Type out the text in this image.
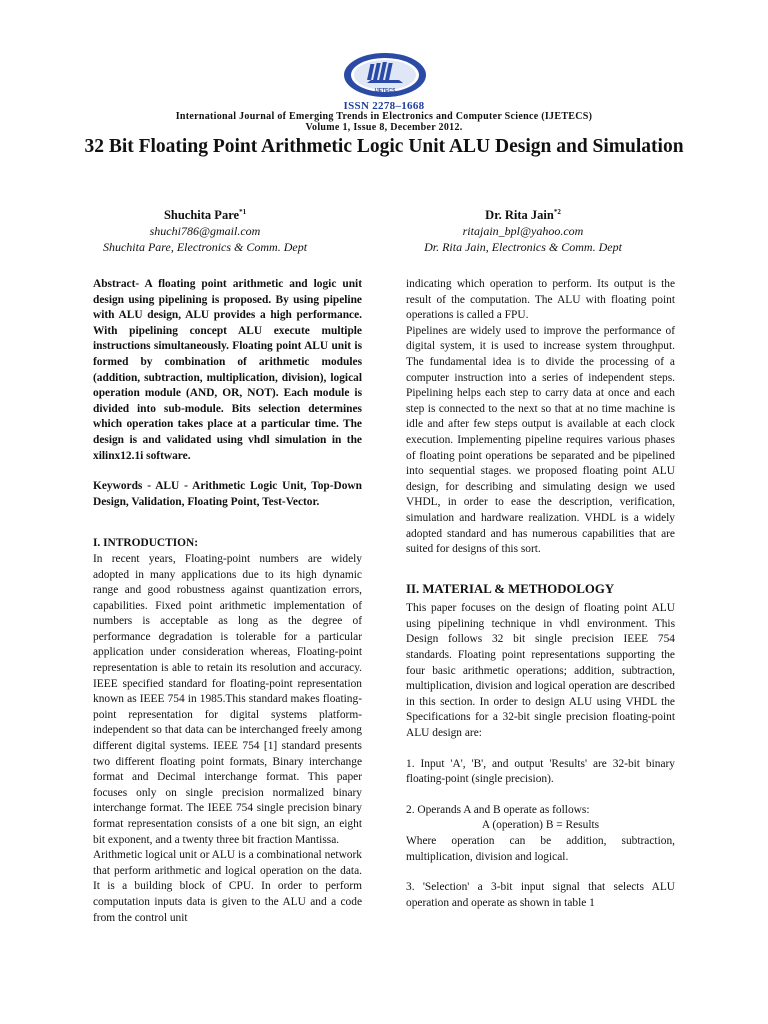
IJETECS
ISSN 2278–1668
International Journal of Emerging Trends in Electronics and Computer Science (IJETECS)
Volume 1, Issue 8, December 2012.
32 Bit Floating Point Arithmetic Logic Unit ALU Design and Simulation
Shuchita Pare$^{*1}$
shuchi786@gmail.com
Shuchita Pare, Electronics & Comm. Dept
Dr. Rita Jain$^{*2}$
ritajain_bpl@yahoo.com
Dr. Rita Jain, Electronics & Comm. Dept

Abstract- A floating point arithmetic and logic unit design using pipelining is proposed. By using pipeline with ALU design, ALU provides a high performance. With pipelining concept ALU execute multiple instructions simultaneously. Floating point ALU unit is formed by combination of arithmetic modules (addition, subtraction, multiplication, division), logical operation module (AND, OR, NOT). Each module is divided into sub-module. Bits selection determines which operation takes place at a particular time. The design is and validated using vhdl simulation in the xilinx12.1i software.

Keywords - ALU - Arithmetic Logic Unit, Top-Down Design, Validation, Floating Point, Test-Vector.

I. INTRODUCTION:

In recent years, Floating-point numbers are widely adopted in many applications due to its high dynamic range and good robustness against quantization errors, capabilities. Fixed point arithmetic implementation of numbers is acceptable as long as the degree of performance degradation is tolerable for a particular application under consideration whereas, Floating-point representation is able to retain its resolution and accuracy. IEEE specified standard for floating-point representation known as IEEE 754 in 1985.This standard makes floating-point representation for digital systems platform-independent so that data can be interchanged freely among different digital systems. IEEE 754 [1] standard presents two different floating point formats, Binary interchange format and Decimal interchange format. This paper focuses only on single precision normalized binary interchange format. The IEEE 754 single precision binary format representation consists of a one bit sign, an eight bit exponent, and a twenty three bit fraction Mantissa.

Arithmetic logical unit or ALU is a combinational network that perform arithmetic and logical operation on the data. It is a building block of CPU. In order to perform computation inputs data is given to the ALU and a code from the control unit

indicating which operation to perform. Its output is the result of the computation. The ALU with floating point operations is called a FPU.

Pipelines are widely used to improve the performance of digital system, it is used to increase system throughput. The fundamental idea is to divide the processing of a computer instruction into a series of independent steps. Pipelining helps each step to carry data at once and each step is connected to the next so that at no time machine is idle and after few steps output is available at each clock execution. Implementing pipeline requires various phases of floating point operations be separated and be pipelined into sequential stages. we proposed floating point ALU design, for describing and simulating design we used VHDL, in order to ease the description, verification, simulation and hardware realization. VHDL is a widely adopted standard and has numerous capabilities that are suited for designs of this sort.

II. MATERIAL & METHODOLOGY

This paper focuses on the design of floating point ALU using pipelining technique in vhdl environment. This Design follows 32 bit single precision IEEE 754 standards. Floating point representations supporting the four basic arithmetic operations; addition, subtraction, multiplication, division and logical operation are described in this section. In order to design ALU using VHDL the Specifications for a 32-bit single precision floating-point ALU design are:

1. Input 'A', 'B', and output 'Results' are 32-bit binary floating-point (single precision).

2. Operands A and B operate as follows:

A (operation) B = Results

Where operation can be addition, subtraction, multiplication, division and logical.

3. 'Selection' a 3-bit input signal that selects ALU operation and operate as shown in table 1
